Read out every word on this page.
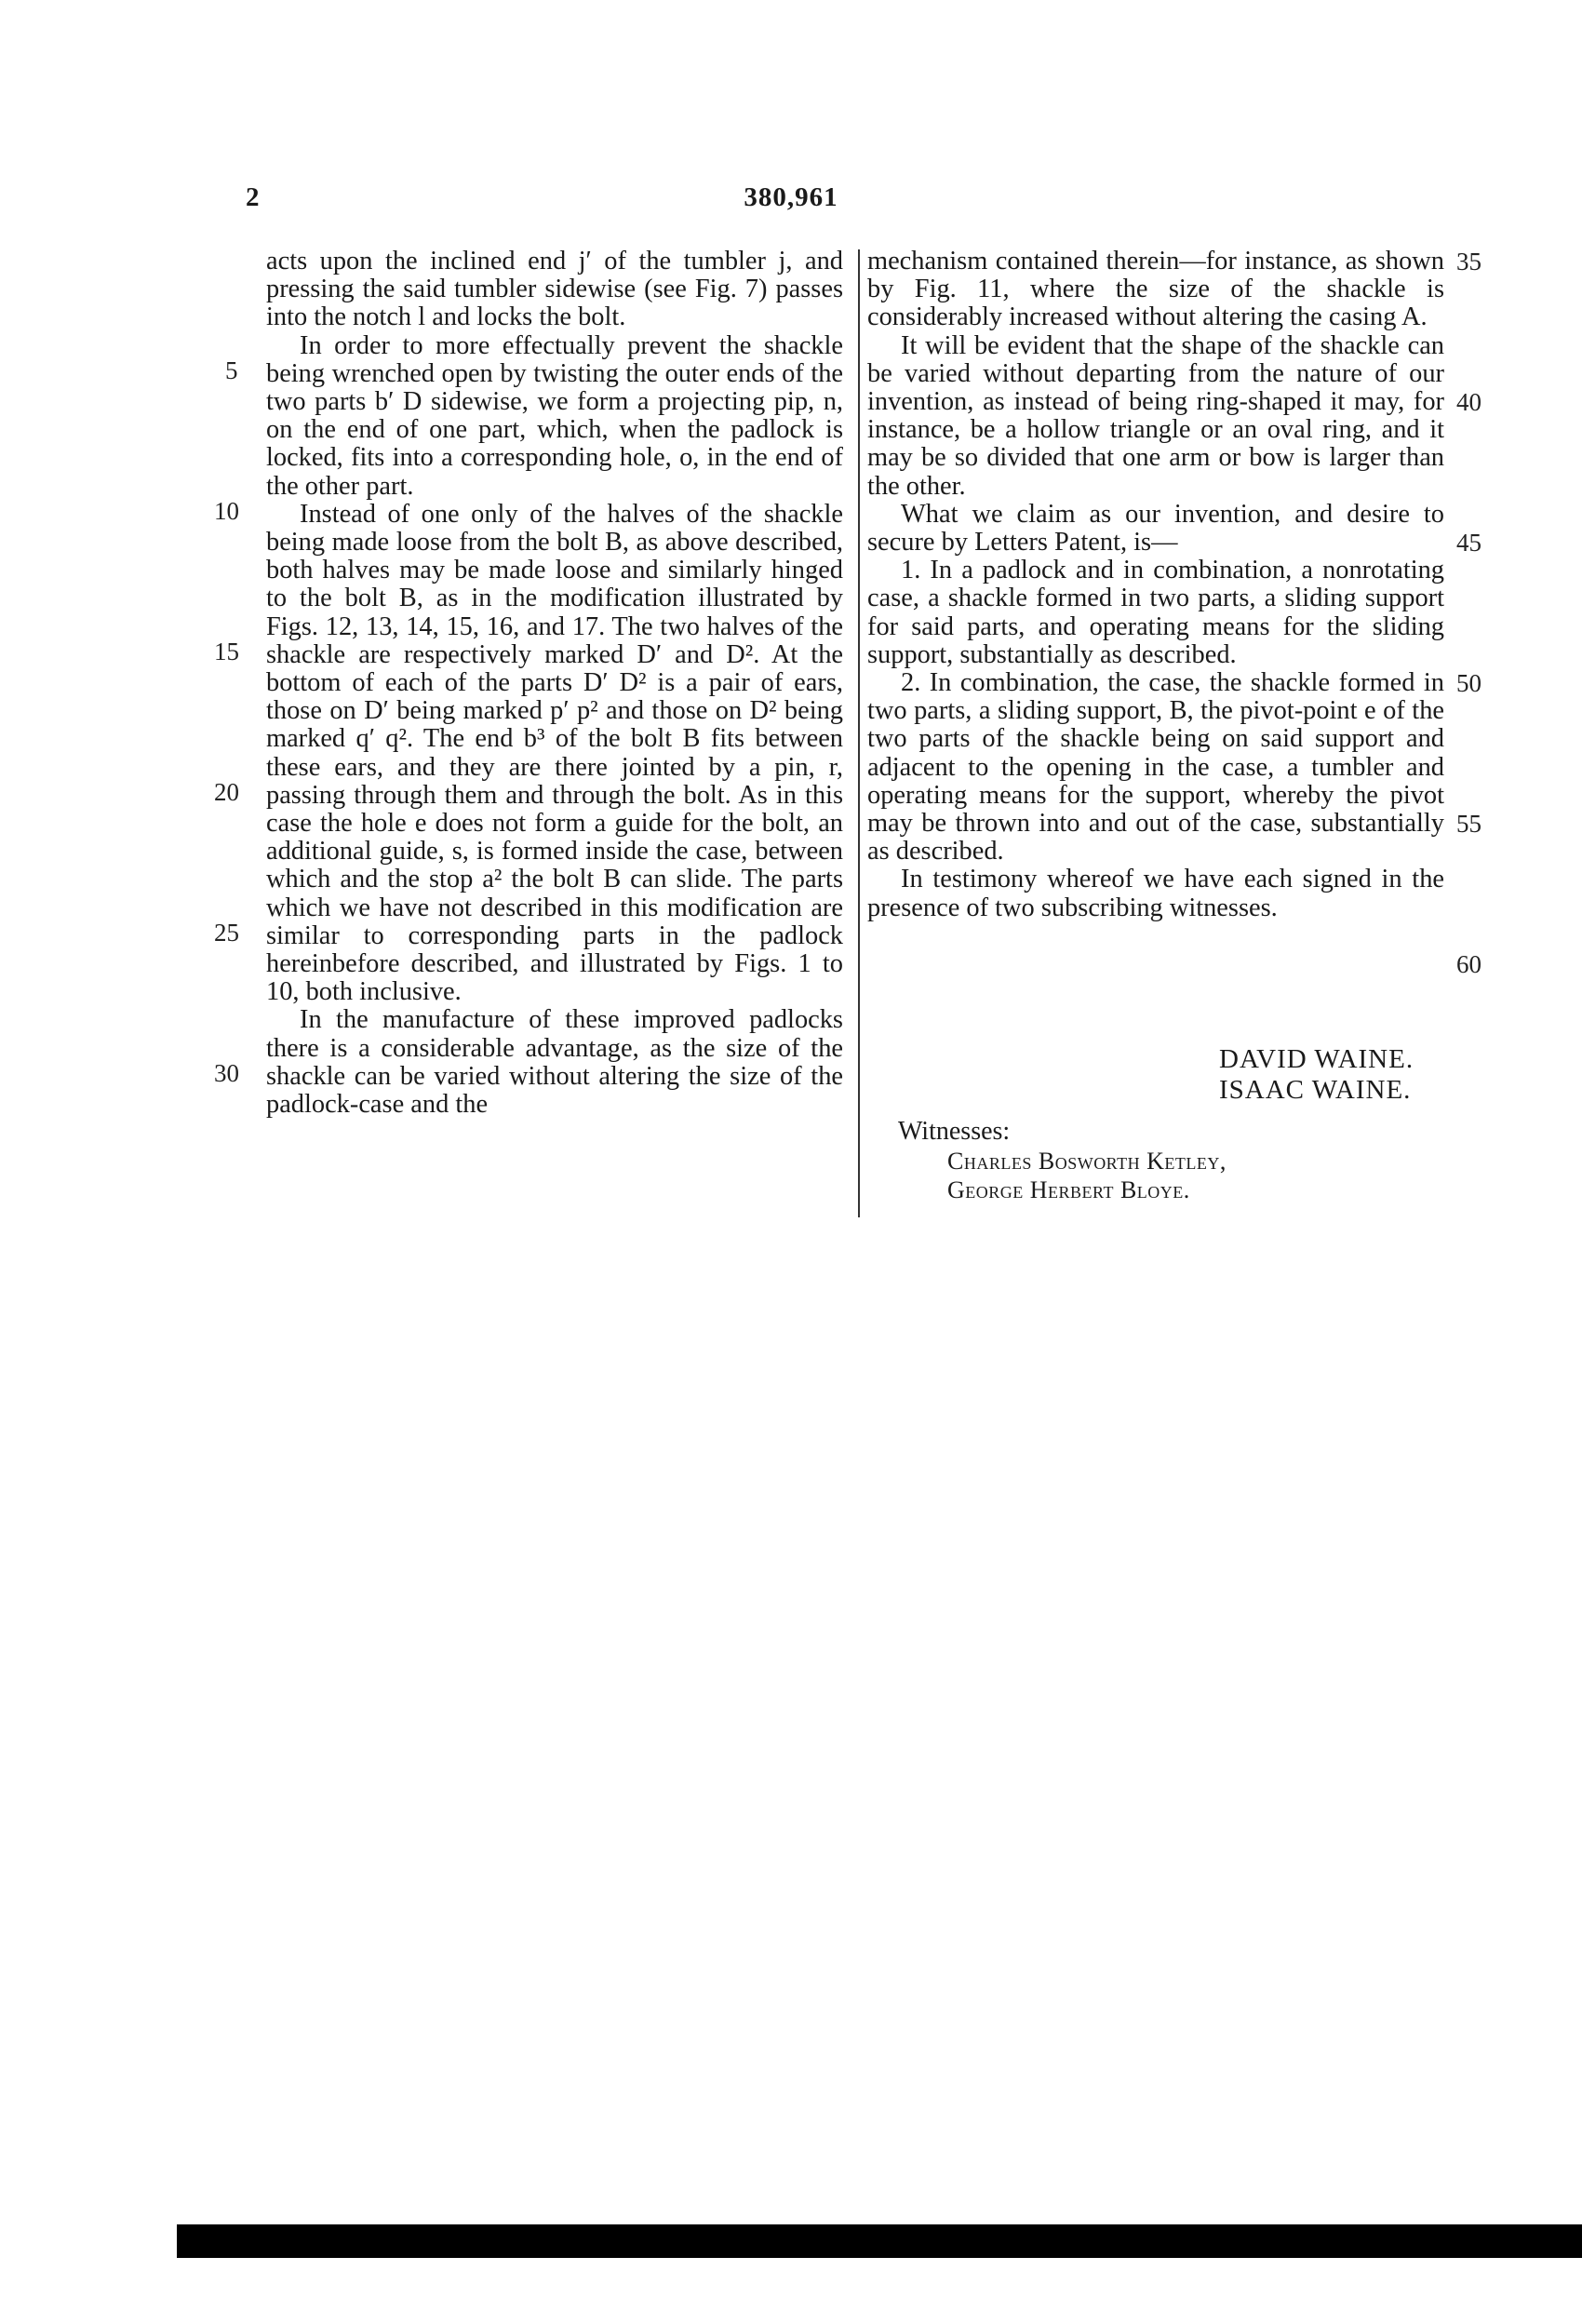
2	380,961

acts upon the inclined end j′ of the tumbler j, and pressing the said tumbler sidewise (see Fig. 7) passes into the notch l and locks the bolt.

In order to more effectually prevent the shackle being wrenched open by twisting the outer ends of the two parts b′ D sidewise, we form a projecting pip, n, on the end of one part, which, when the padlock is locked, fits into a corresponding hole, o, in the end of the other part.

Instead of one only of the halves of the shackle being made loose from the bolt B, as above described, both halves may be made loose and similarly hinged to the bolt B, as in the modification illustrated by Figs. 12, 13, 14, 15, 16, and 17. The two halves of the shackle are respectively marked D′ and D². At the bottom of each of the parts D′ D² is a pair of ears, those on D′ being marked p′ p² and those on D² being marked q′ q². The end b³ of the bolt B fits between these ears, and they are there jointed by a pin, r, passing through them and through the bolt. As in this case the hole e does not form a guide for the bolt, an additional guide, s, is formed inside the case, between which and the stop a² the bolt B can slide. The parts which we have not described in this modification are similar to corresponding parts in the padlock hereinbefore described, and illustrated by Figs. 1 to 10, both inclusive.

In the manufacture of these improved padlocks there is a considerable advantage, as the size of the shackle can be varied without altering the size of the padlock-case and the

mechanism contained therein—for instance, as shown by Fig. 11, where the size of the shackle is considerably increased without altering the casing A.

It will be evident that the shape of the shackle can be varied without departing from the nature of our invention, as instead of being ring-shaped it may, for instance, be a hollow triangle or an oval ring, and it may be so divided that one arm or bow is larger than the other.

What we claim as our invention, and desire to secure by Letters Patent, is—

1. In a padlock and in combination, a nonrotating case, a shackle formed in two parts, a sliding support for said parts, and operating means for the sliding support, substantially as described.

2. In combination, the case, the shackle formed in two parts, a sliding support, B, the pivot-point e of the two parts of the shackle being on said support and adjacent to the opening in the case, a tumbler and operating means for the support, whereby the pivot may be thrown into and out of the case, substantially as described.

In testimony whereof we have each signed in the presence of two subscribing witnesses.

5
10
15
20
25
30
35
40
45
50
55
60
DAVID WAINE.
ISAAC WAINE.
Witnesses:
Charles Bosworth Ketley,
George Herbert Bloye.
